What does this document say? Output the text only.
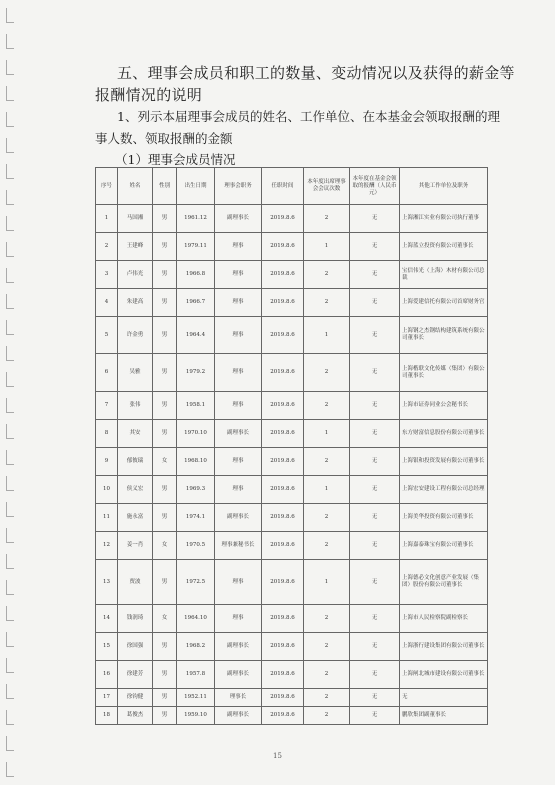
五、理事会成员和职工的数量、变动情况以及获得的薪金等
报酬情况的说明
1、列示本届理事会成员的姓名、工作单位、在本基金会领取报酬的理
事人数、领取报酬的金额
（1）理事会成员情况
序号	姓名	性别	出生日期	理事会职务	任职时间	本年度出席理事会会议次数	本年度在基金会领取的报酬（人民币元）	其他工作单位及职务
1	马国湘	男	1961.12	副理事长	2019.8.6	2	无	上海湘江实业有限公司执行董事
2	王建峰	男	1979.11	理事	2019.8.6	1	无	上海蓝立投资有限公司董事长
3	卢伟光	男	1966.8	理事	2019.8.6	2	无	宝信伟光（上海）木材有限公司总裁
4	朱建高	男	1966.7	理事	2019.8.6	2	无	上海爱建信托有限公司首席财务官
5	许金勇	男	1964.4	理事	2019.8.6	1	无	上海钢之杰钢结构建筑系统有限公司董事长
6	吴雅	男	1979.2	理事	2019.8.6	2	无	上海楷联文化传媒（集团）有限公司董事长
7	张伟	男	1958.1	理事	2019.8.6	2	无	上海市证券同业公会秘书长
8	其安	男	1970.10	副理事长	2019.8.6	1	无	东方财富信息股份有限公司董事长
9	郁彼瑞	女	1968.10	理事	2019.8.6	2	无	上海银和投资发展有限公司董事长
10	侯义宏	男	1969.3	理事	2019.8.6	1	无	上海宏安建设工程有限公司总经理
11	施永富	男	1974.1	副理事长	2019.8.6	2	无	上海美华投资有限公司董事长
12	姜一肖	女	1970.5	理事兼秘书长	2019.8.6	2	无	上海嘉泰珠宝有限公司董事长
13	贾波	男	1972.5	理事	2019.8.6	1	无	上海德必文化创意产业发展（集团）股份有限公司董事长
14	钱润琦	女	1964.10	理事	2019.8.6	2	无	上海市人民检察院副检察长
15	徐国强	男	1968.2	副理事长	2019.8.6	2	无	上海浙行建设集团有限公司董事长
16	徐建芳	男	1957.8	副理事长	2019.8.6	2	无	上海闸北城市建设有限公司董事长
17	徐钧健	男	1952.11	理事长	2019.8.6	2	无	无
18	葛俊杰	男	1959.10	副理事长	2019.8.6	2	无	鹏欣集团副董事长
15
